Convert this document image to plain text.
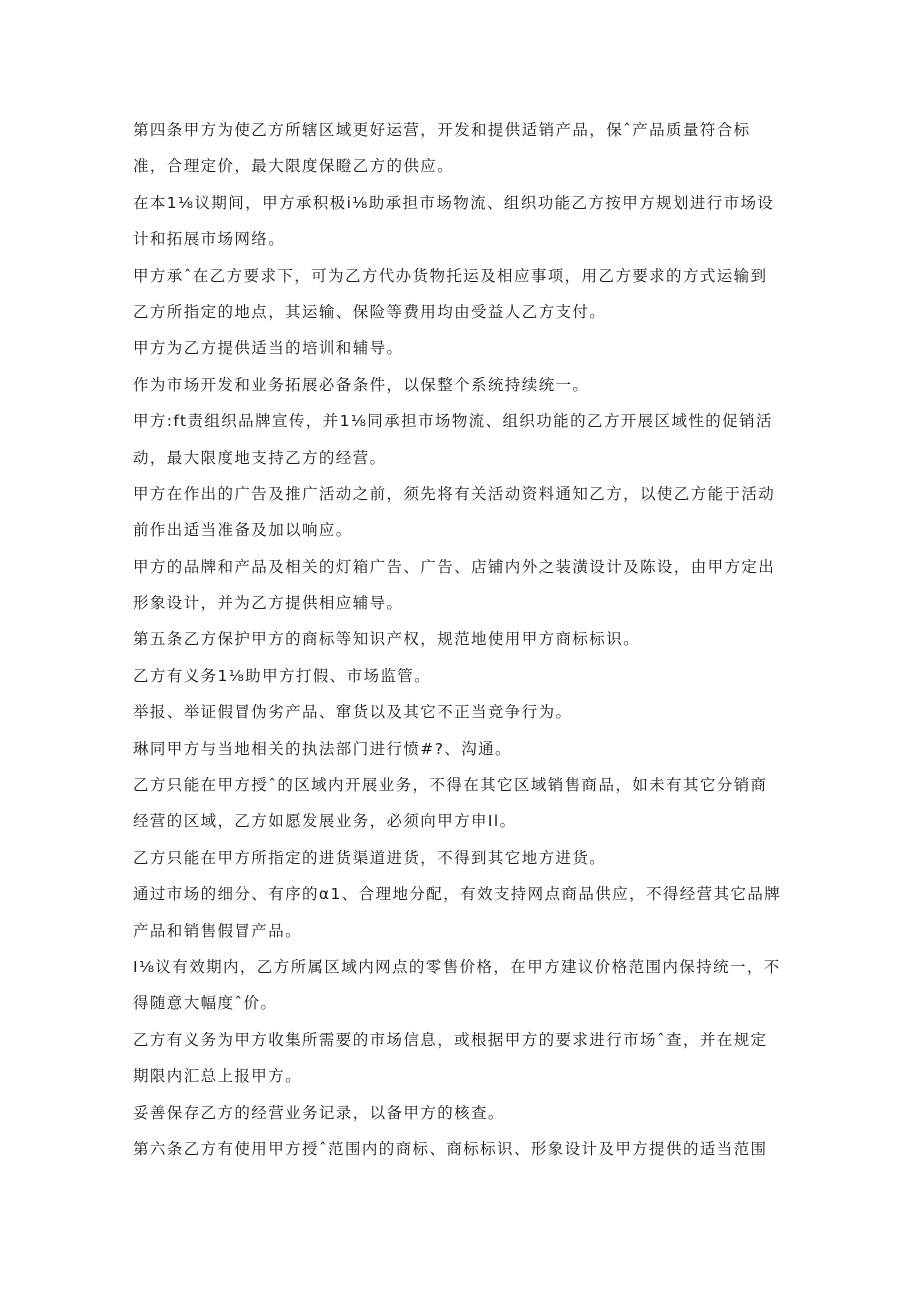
第四条甲方为使乙方所辖区域更好运营，开发和提供适销产品，保ˆ产品质量符合标
准，合理定价，最大限度保瞪乙方的供应。
在本1⅛议期间，甲方承积极i⅛助承担市场物流、组织功能乙方按甲方规划进行市场设
计和拓展市场网络。
甲方承ˆ在乙方要求下，可为乙方代办货物托运及相应事项，用乙方要求的方式运输到
乙方所指定的地点，其运输、保险等费用均由受益人乙方支付。
甲方为乙方提供适当的培训和辅导。
作为市场开发和业务拓展必备条件，以保整个系统持续统一。
甲方:ft责组织品牌宣传，并1⅛同承担市场物流、组织功能的乙方开展区域性的促销活
动，最大限度地支持乙方的经营。
甲方在作出的广告及推广活动之前，须先将有关活动资料通知乙方，以使乙方能于活动
前作出适当准备及加以响应。
甲方的品牌和产品及相关的灯箱广告、广告、店铺内外之装潢设计及陈设，由甲方定出
形象设计，并为乙方提供相应辅导。
第五条乙方保护甲方的商标等知识产权，规范地使用甲方商标标识。
乙方有义务1⅛助甲方打假、市场监管。
举报、举证假冒伪劣产品、窜货以及其它不正当竞争行为。
琳同甲方与当地相关的执法部门进行愤#?、沟通。
乙方只能在甲方授ˆ的区域内开展业务，不得在其它区域销售商品，如未有其它分销商
经营的区域，乙方如愿发展业务，必须向甲方申Il。
乙方只能在甲方所指定的进货渠道进货，不得到其它地方进货。
通过市场的细分、有序的α1、合理地分配，有效支持网点商品供应，不得经营其它品牌
产品和销售假冒产品。
I⅛议有效期内，乙方所属区域内网点的零售价格，在甲方建议价格范围内保持统一，不
得随意大幅度ˆ价。
乙方有义务为甲方收集所需要的市场信息，或根据甲方的要求进行市场ˆ查，并在规定
期限内汇总上报甲方。
妥善保存乙方的经营业务记录，以备甲方的核查。
第六条乙方有使用甲方授ˆ范围内的商标、商标标识、形象设计及甲方提供的适当范围
